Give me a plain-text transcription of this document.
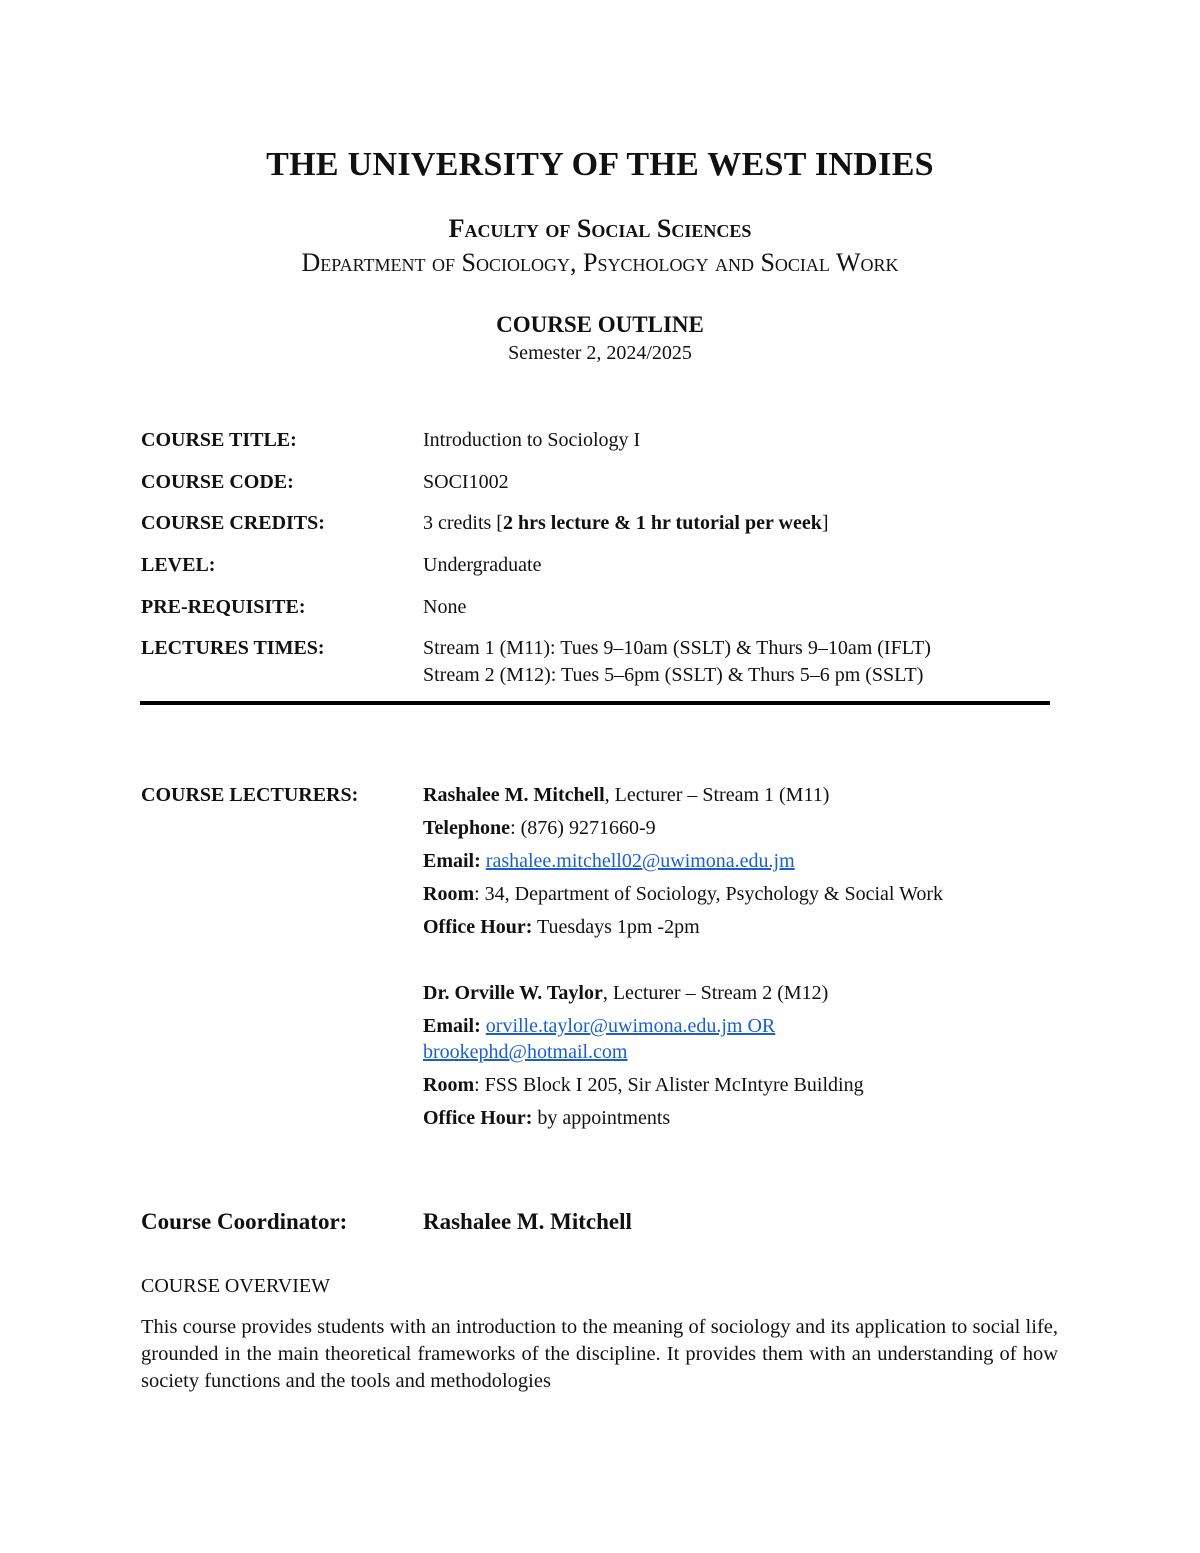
THE UNIVERSITY OF THE WEST INDIES
Faculty of Social Sciences
Department of Sociology, Psychology and Social Work
COURSE OUTLINE
Semester 2, 2024/2025
COURSE TITLE:	Introduction to Sociology I
COURSE CODE:	SOCI1002
COURSE CREDITS:	3 credits [2 hrs lecture & 1 hr tutorial per week]
LEVEL:	Undergraduate
PRE-REQUISITE:	None
LECTURES TIMES:	Stream 1 (M11): Tues 9–10am (SSLT) & Thurs 9–10am (IFLT)
Stream 2 (M12): Tues 5–6pm (SSLT) & Thurs 5–6 pm (SSLT)
COURSE LECTURERS:	Rashalee M. Mitchell, Lecturer – Stream 1 (M11)
Telephone: (876) 9271660-9
Email: rashalee.mitchell02@uwimona.edu.jm
Room: 34, Department of Sociology, Psychology & Social Work
Office Hour: Tuesdays 1pm -2pm
Dr. Orville W. Taylor, Lecturer – Stream 2 (M12)
Email: orville.taylor@uwimona.edu.jm OR
brookephd@hotmail.com
Room: FSS Block I 205, Sir Alister McIntyre Building
Office Hour: by appointments
Course Coordinator:	Rashalee M. Mitchell
COURSE OVERVIEW
This course provides students with an introduction to the meaning of sociology and its application to social life, grounded in the main theoretical frameworks of the discipline. It provides them with an understanding of how society functions and the tools and methodologies
